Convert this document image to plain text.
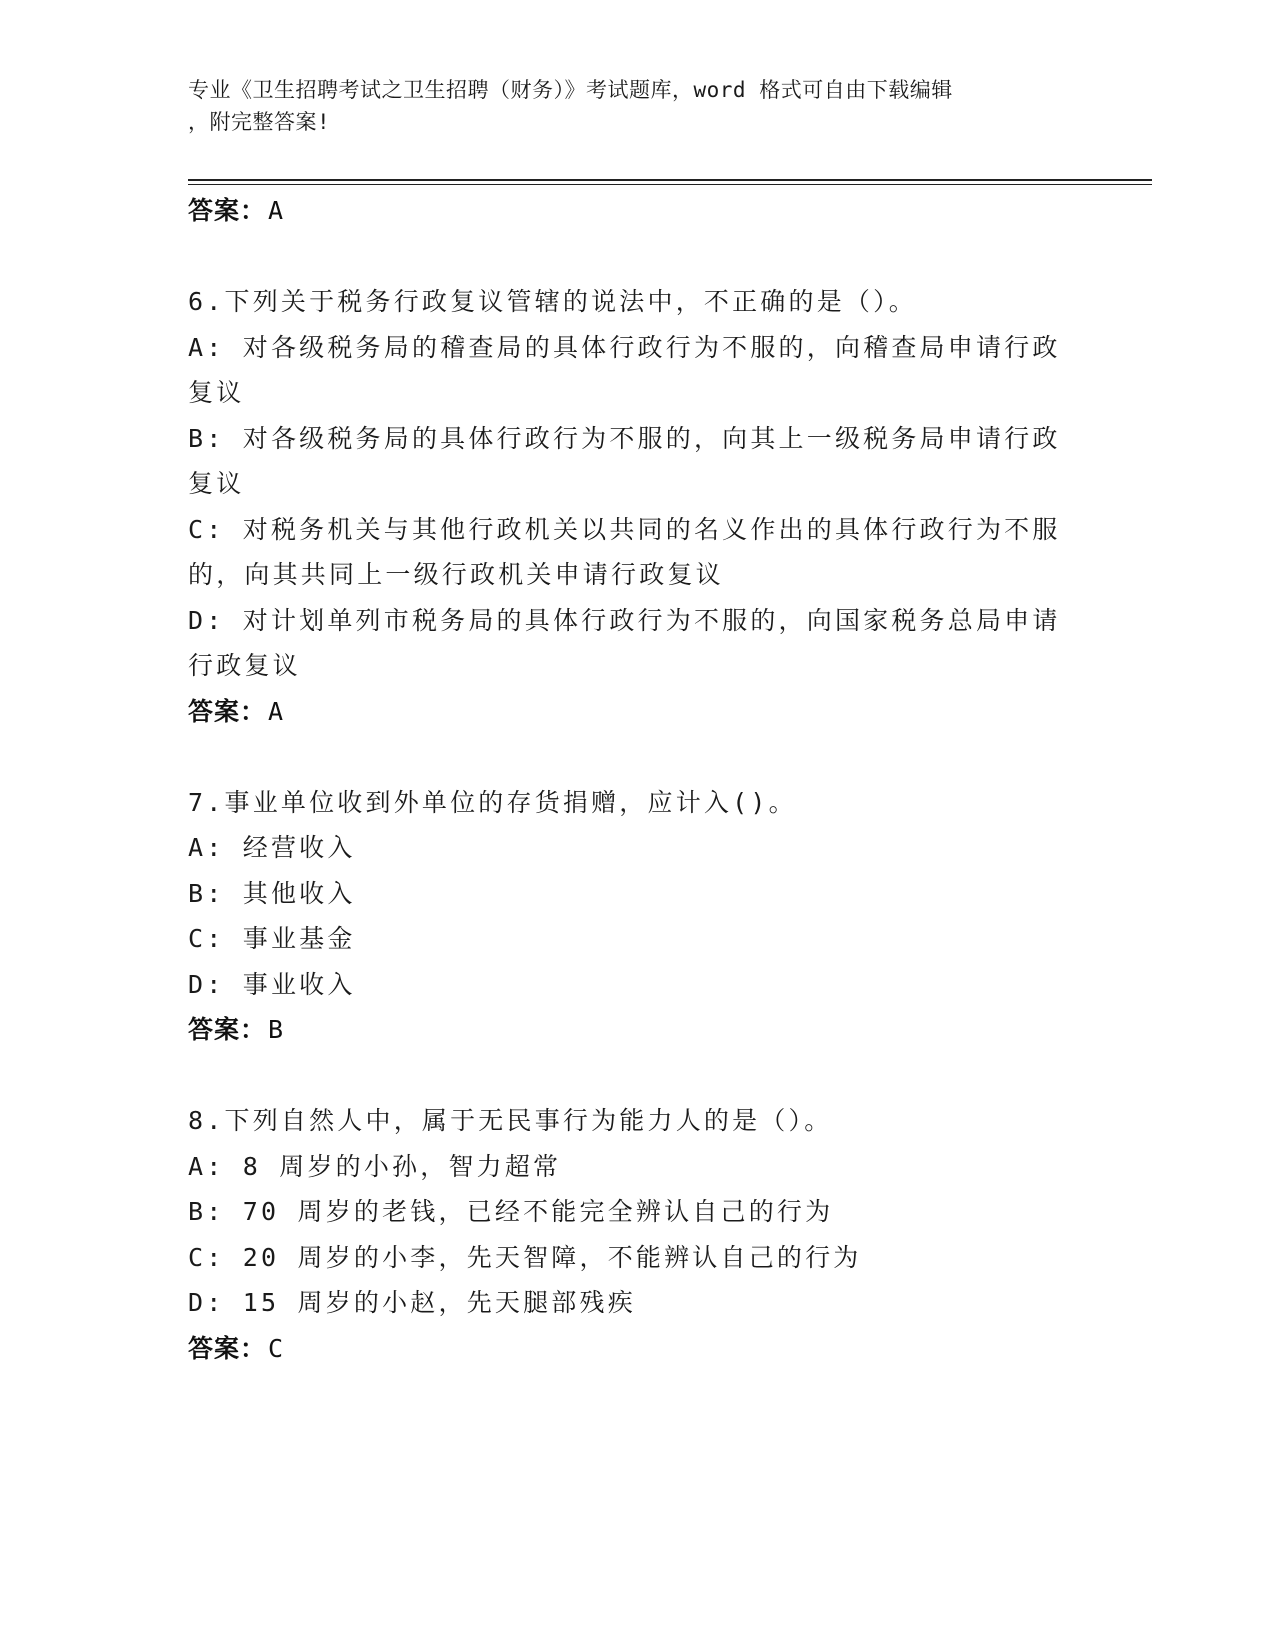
专业《卫生招聘考试之卫生招聘（财务）》考试题库，word 格式可自由下载编辑
，附完整答案!
答案：A
6.下列关于税务行政复议管辖的说法中，不正确的是（）。
A: 对各级税务局的稽查局的具体行政行为不服的，向稽查局申请行政
复议
B: 对各级税务局的具体行政行为不服的，向其上一级税务局申请行政
复议
C: 对税务机关与其他行政机关以共同的名义作出的具体行政行为不服
的，向其共同上一级行政机关申请行政复议
D: 对计划单列市税务局的具体行政行为不服的，向国家税务总局申请
行政复议
答案：A
7.事业单位收到外单位的存货捐赠，应计入()。
A: 经营收入
B: 其他收入
C: 事业基金
D: 事业收入
答案：B
8.下列自然人中，属于无民事行为能力人的是（）。
A: 8 周岁的小孙，智力超常
B: 70 周岁的老钱，已经不能完全辨认自己的行为
C: 20 周岁的小李，先天智障，不能辨认自己的行为
D: 15 周岁的小赵，先天腿部残疾
答案：C
